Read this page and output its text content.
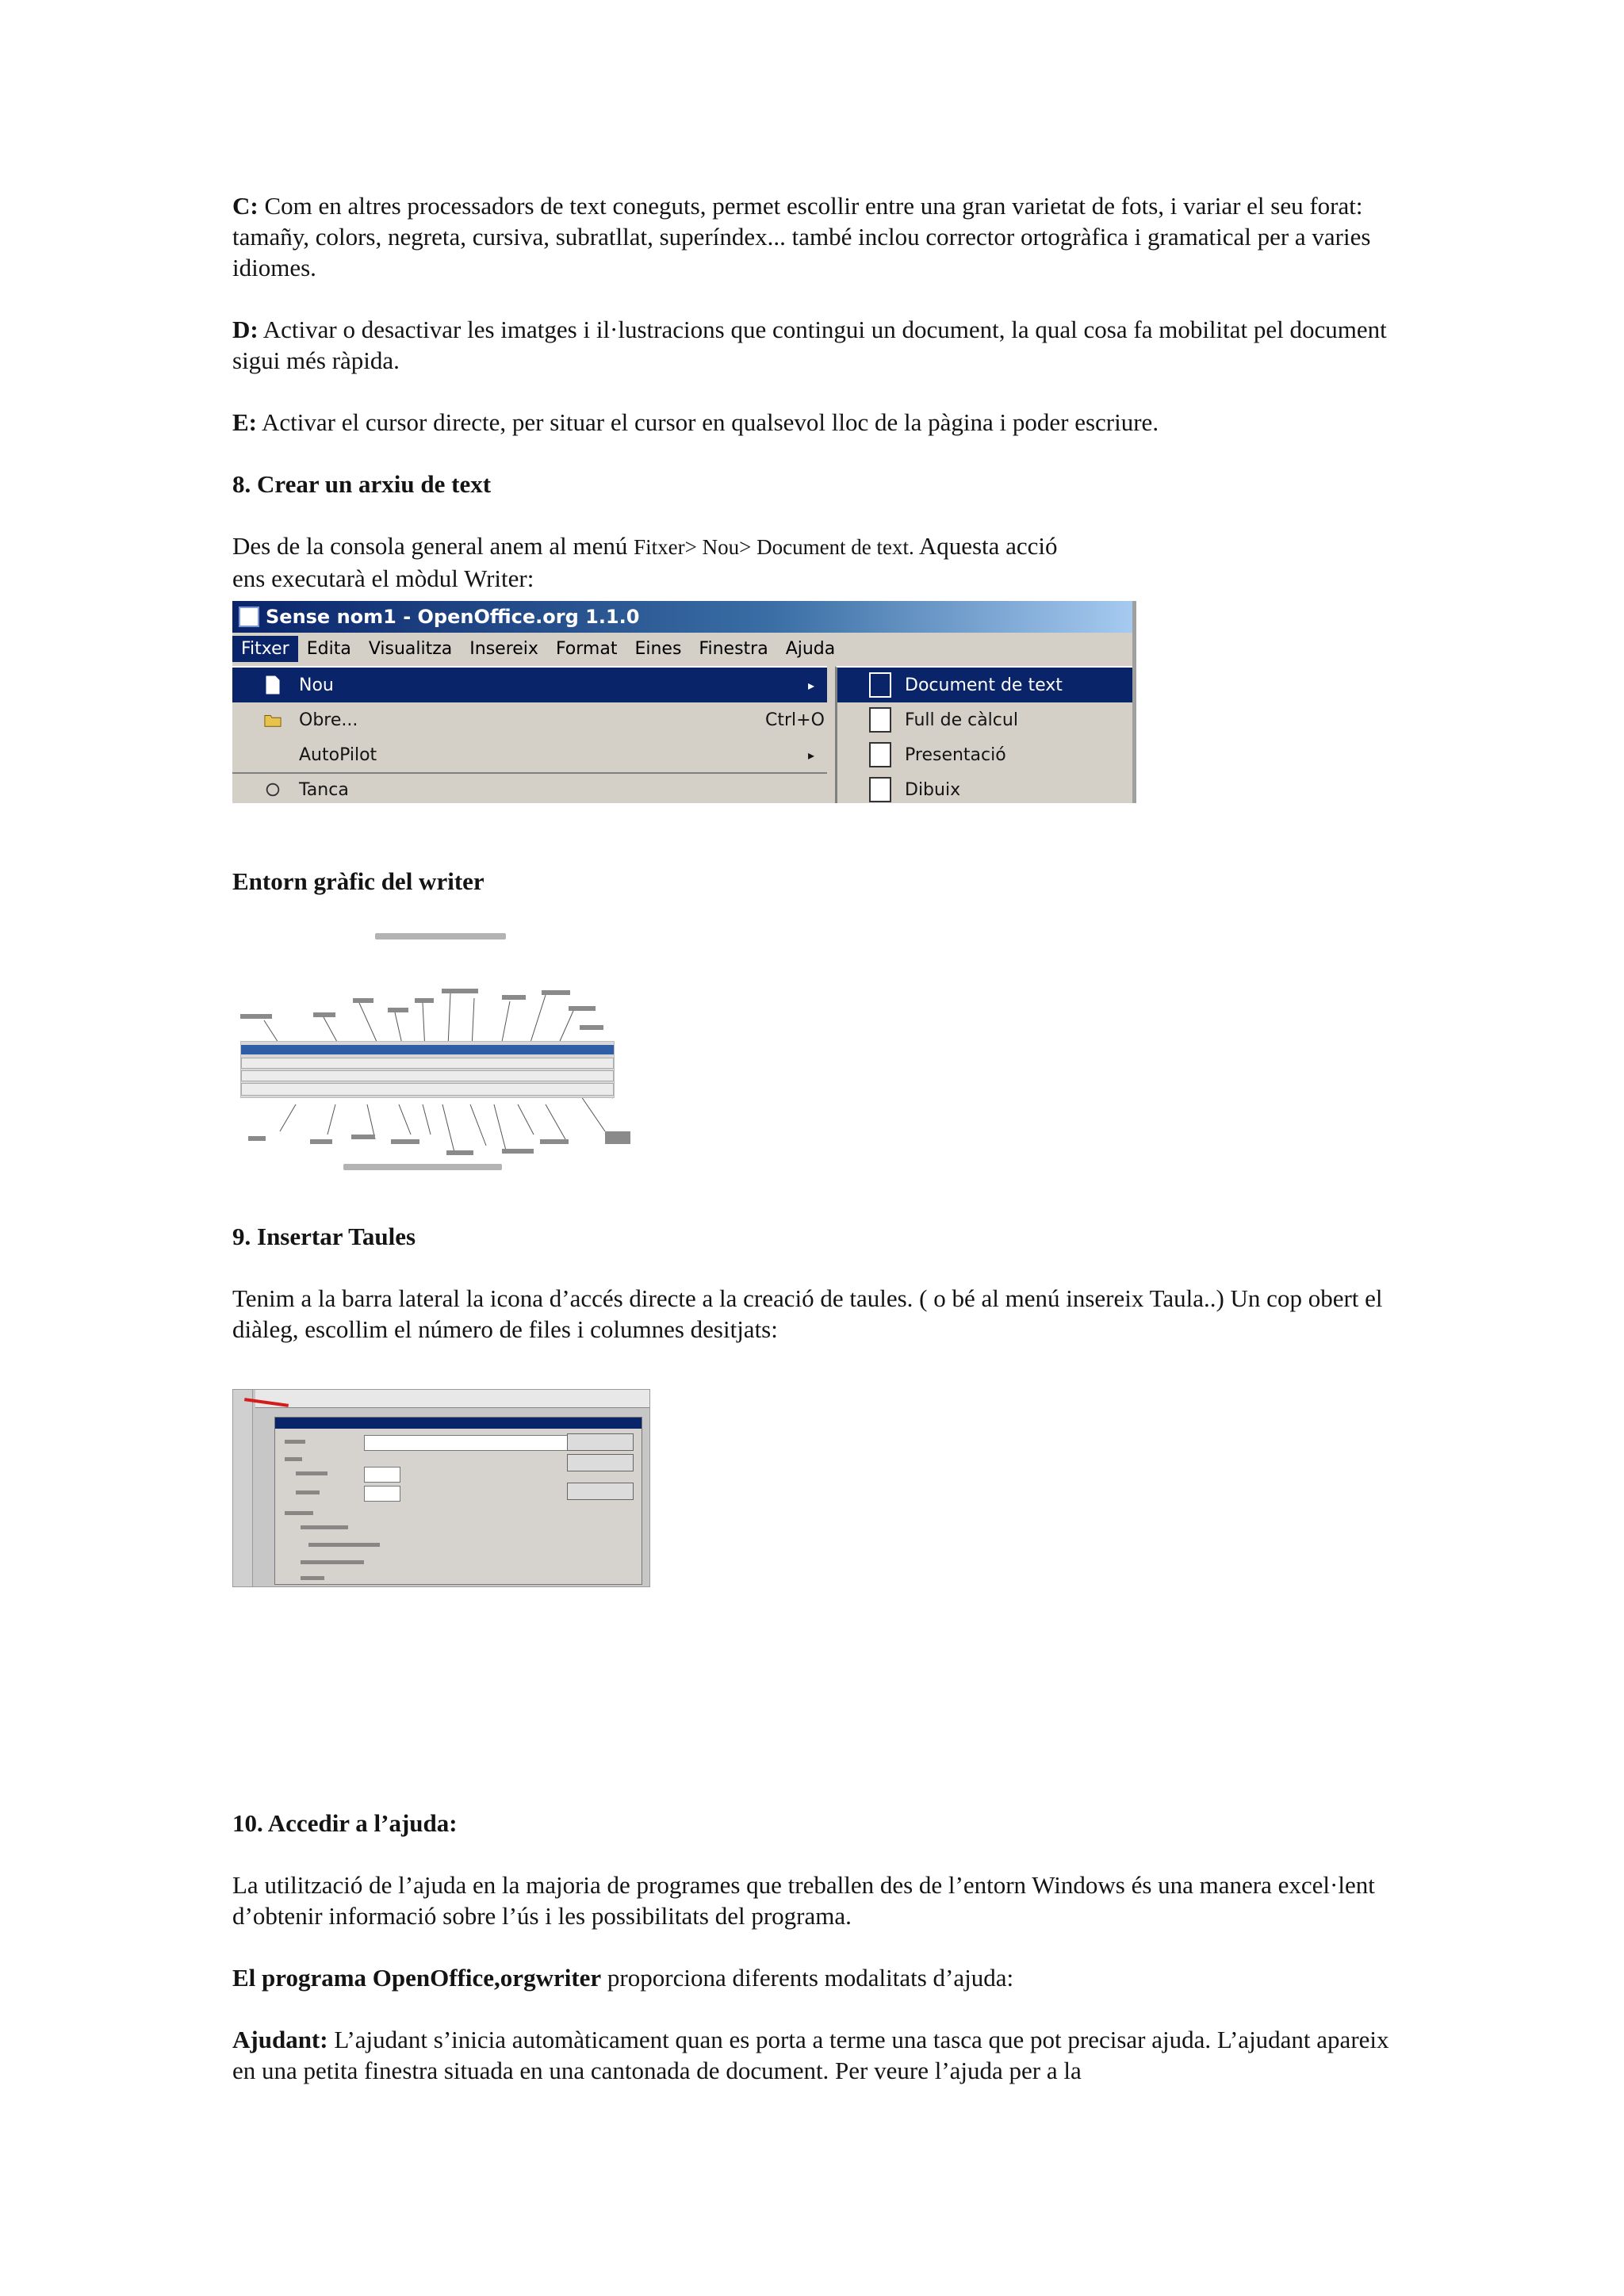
C: Com en altres processadors de text coneguts, permet escollir entre una gran varietat de fots, i variar el seu forat: tamañy, colors, negreta, cursiva, subratllat, superíndex... també inclou corrector ortogràfica i gramatical per a varies idiomes.

D: Activar o desactivar les imatges i il·lustracions que contingui un document, la qual cosa fa mobilitat pel document sigui més ràpida.

E: Activar el cursor directe, per situar el cursor en qualsevol lloc de la pàgina i poder escriure.

8. Crear un arxiu de text

Des de la consola general anem al menú Fitxer> Nou> Document de text. Aquesta acció
ens executarà el mòdul Writer:

Sense nom1 - OpenOffice.org 1.1.0
Fitxer	Edita	Visualitza	Insereix	Format	Eines	Finestra	Ajuda
Nou	▸
Obre...	Ctrl+O
AutoPilot	▸
Tanca
Document de text
Full de càlcul
Presentació
Dibuix

Entorn gràfic del writer

9. Insertar Taules

Tenim a la barra lateral la icona d’accés directe a la creació de taules. ( o bé al menú insereix Taula..) Un cop obert el diàleg, escollim el número de files i columnes desitjats:

10. Accedir a l’ajuda:

La utilització de l’ajuda en la majoria de programes que treballen des de l’entorn Windows és una manera excel·lent d’obtenir informació sobre l’ús i les possibilitats del programa.

El programa OpenOffice,orgwriter proporciona diferents modalitats d’ajuda:

Ajudant: L’ajudant s’inicia automàticament quan es porta a terme una tasca que pot precisar ajuda. L’ajudant apareix en una petita finestra situada en una cantonada de document. Per veure l’ajuda per a la
